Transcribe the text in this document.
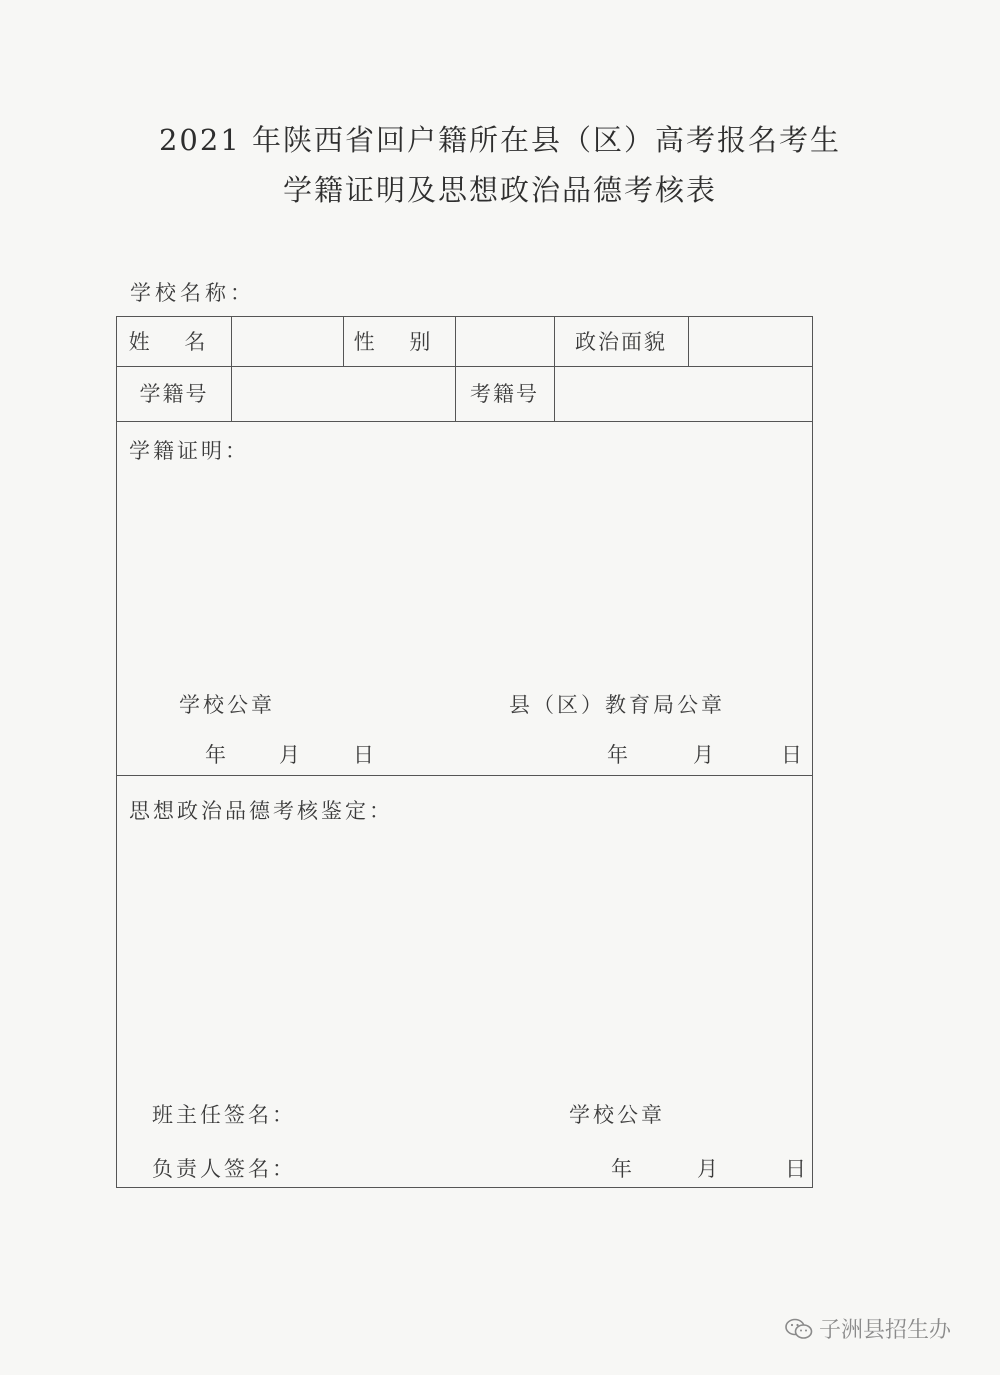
2021 年陕西省回户籍所在县（区）高考报名考生
学籍证明及思想政治品德考核表
学校名称：
姓 名	性 别	政治面貌
学籍号	考籍号
学籍证明：
学校公章	县（区）教育局公章
年 月 日	年	月	日
思想政治品德考核鉴定：
班主任签名：	学校公章
负责人签名：	年	月	日
子洲县招生办
